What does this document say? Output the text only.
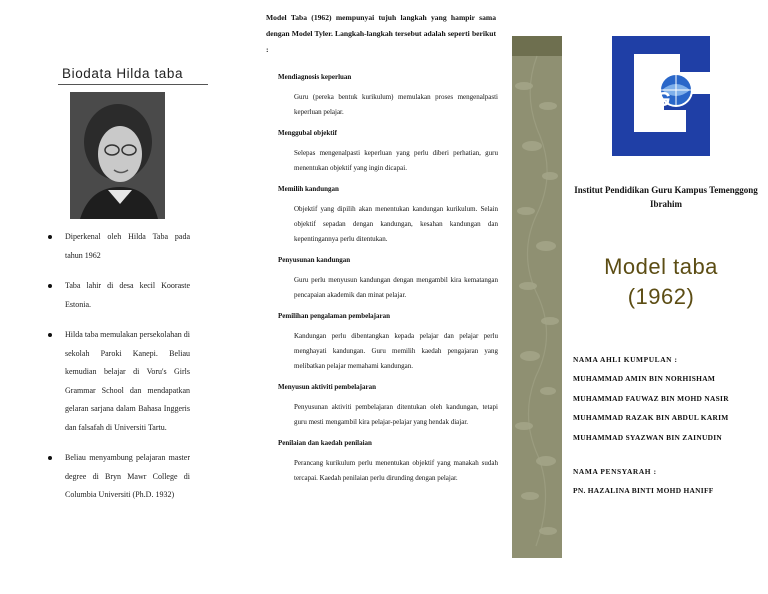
Biodata Hilda taba
Diperkenal oleh Hilda Taba pada tahun 1962
Taba lahir di desa kecil Kooraste Estonia.
Hilda taba memulakan persekolahan di sekolah Paroki Kanepi. Beliau kemudian belajar di Voru's Girls Grammar School dan mendapatkan gelaran sarjana dalam Bahasa Inggeris dan falsafah di Universiti Tartu.
Beliau menyambung pelajaran master degree di Bryn Mawr College di Columbia Universiti (Ph.D. 1932)
Model Taba (1962) mempunyai tujuh langkah yang hampir sama dengan Model Tyler. Langkah-langkah tersebut adalah seperti berikut :
Mendiagnosis keperluan
Guru (pereka bentuk kurikulum) memulakan proses mengenalpasti keperluan pelajar.
Menggubal objektif
Selepas mengenalpasti keperluan yang perlu diberi perhatian, guru menentukan objektif yang ingin dicapai.
Memilih kandungan
Objektif yang dipilih akan menentukan kandungan kurikulum. Selain objektif sepadan dengan kandungan, kesahan kandungan dan kepentingannya perlu ditentukan.
Penyusunan kandungan
Guru perlu menyusun kandungan dengan mengambil kira kematangan pencapaian akademik dan minat pelajar.
Pemilihan pengalaman pembelajaran
Kandungan perlu dibentangkan kepada pelajar dan pelajar perlu menghayati kandungan. Guru memilih kaedah pengajaran yang melibatkan pelajar memahami kandungan.
Menyusun aktiviti pembelajaran
Penyusunan aktiviti pembelajaran ditentukan oleh kandungan, tetapi guru mesti mengambil kira pelajar-pelajar yang hendak diajar.
Penilaian dan kaedah penilaian
Perancang kurikulum perlu menentukan objektif yang manakah sudah tercapai. Kaedah penilaian perlu dirunding dengan pelajar.
iPG
Institut Pendidikan Guru Kampus Temenggong Ibrahim
Model taba
(1962)
NAMA AHLI KUMPULAN :
MUHAMMAD AMIN BIN NORHISHAM
MUHAMMAD FAUWAZ BIN MOHD NASIR
MUHAMMAD RAZAK BIN ABDUL KARIM
MUHAMMAD SYAZWAN BIN ZAINUDIN
NAMA PENSYARAH :
PN. HAZALINA BINTI MOHD HANIFF
